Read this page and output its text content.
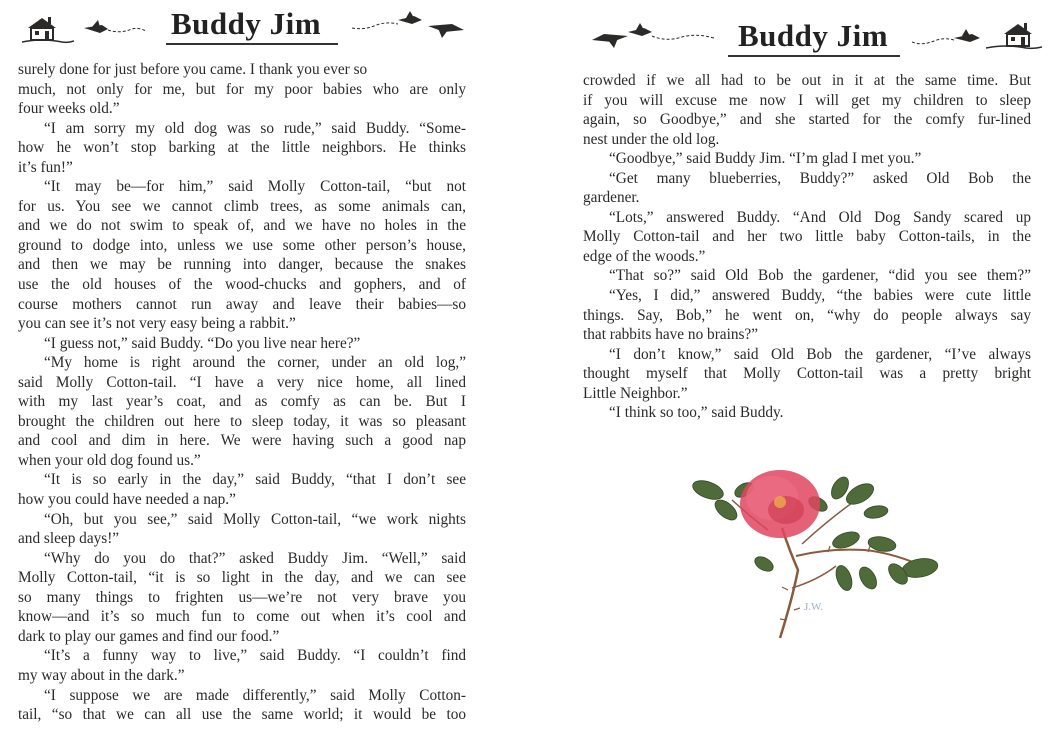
Buddy Jim

surely done for just before you came. I thank you ever so

much, not only for me, but for my poor babies who are only

four weeks old.”

“I am sorry my old dog was so rude,” said Buddy. “Some-

how he won’t stop barking at the little neighbors. He thinks

it’s fun!”

“It may be—for him,” said Molly Cotton-tail, “but not

for us. You see we cannot climb trees, as some animals can,

and we do not swim to speak of, and we have no holes in the

ground to dodge into, unless we use some other person’s house,

and then we may be running into danger, because the snakes

use the old houses of the wood-chucks and gophers, and of

course mothers cannot run away and leave their babies—so

you can see it’s not very easy being a rabbit.”

“I guess not,” said Buddy. “Do you live near here?”

“My home is right around the corner, under an old log,”

said Molly Cotton-tail. “I have a very nice home, all lined

with my last year’s coat, and as comfy as can be. But I

brought the children out here to sleep today, it was so pleasant

and cool and dim in here. We were having such a good nap

when your old dog found us.”

“It is so early in the day,” said Buddy, “that I don’t see

how you could have needed a nap.”

“Oh, but you see,” said Molly Cotton-tail, “we work nights

and sleep days!”

“Why do you do that?” asked Buddy Jim. “Well,” said

Molly Cotton-tail, “it is so light in the day, and we can see

so many things to frighten us—we’re not very brave you

know—and it’s so much fun to come out when it’s cool and

dark to play our games and find our food.”

“It’s a funny way to live,” said Buddy. “I couldn’t find

my way about in the dark.”

“I suppose we are made differently,” said Molly Cotton-

tail, “so that we can all use the same world; it would be too

Buddy Jim

crowded if we all had to be out in it at the same time. But

if you will excuse me now I will get my children to sleep

again, so Goodbye,” and she started for the comfy fur-lined

nest under the old log.

“Goodbye,” said Buddy Jim. “I’m glad I met you.”

“Get many blueberries, Buddy?” asked Old Bob the

gardener.

“Lots,” answered Buddy. “And Old Dog Sandy scared up

Molly Cotton-tail and her two little baby Cotton-tails, in the

edge of the woods.”

“That so?” said Old Bob the gardener, “did you see them?”

“Yes, I did,” answered Buddy, “the babies were cute little

things. Say, Bob,” he went on, “why do people always say

that rabbits have no brains?”

“I don’t know,” said Old Bob the gardener, “I’ve always

thought myself that Molly Cotton-tail was a pretty bright

Little Neighbor.”

“I think so too,” said Buddy.

J.W.
